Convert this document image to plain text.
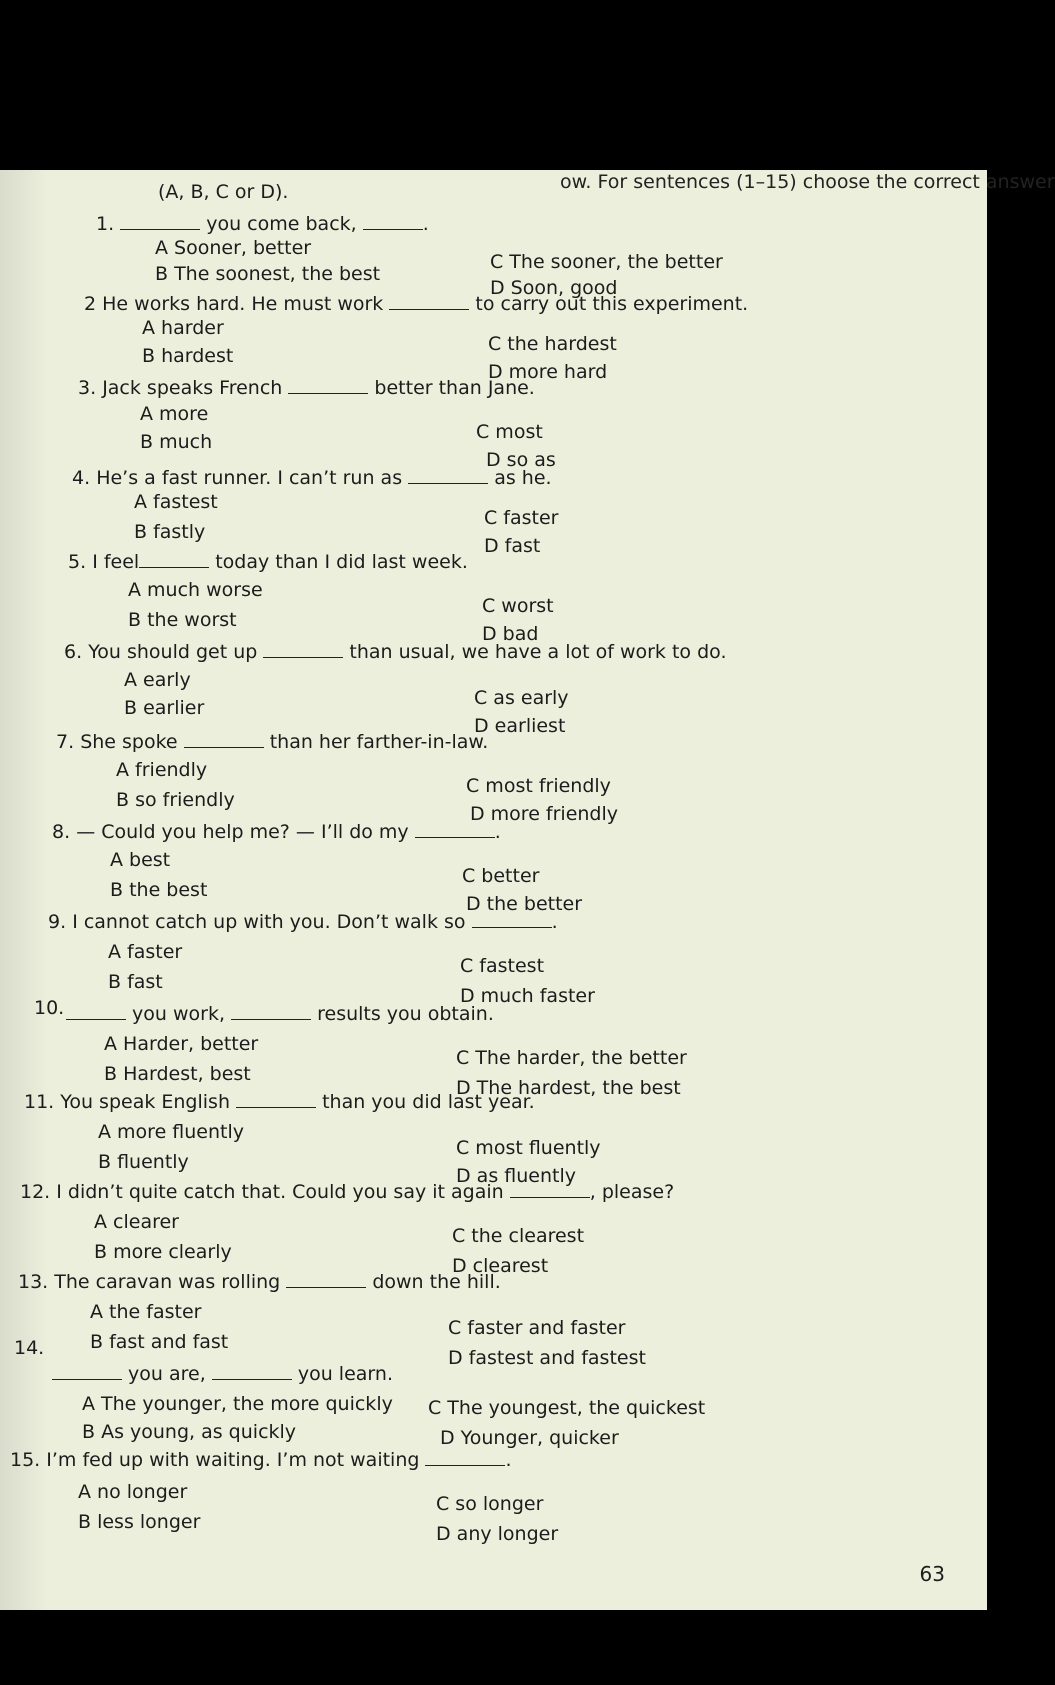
ow. For sentences (1–15) choose the correct answer
(A, B, C or D).
1.	you come back,	.
A Sooner, better
B The soonest, the best
C The sooner, the better
D Soon, good
2 He works hard. He must work	to carry out this experiment.
A harder
B hardest
C the hardest
D more hard
3. Jack speaks French	better than Jane.
A more
B much	C most
D so as
4. He’s a fast runner. I can’t run as	as he.
A fastest
B fastly
C faster
D fast
5. I feel	today than I did last week.
A much worse
B the worst
C worst
D bad
6. You should get up	than usual, we have a lot of work to do.
A early
B earlier	C as early
D earliest
7. She spoke	than her farther-in-law.
A friendly
B so friendly
C most friendly
D more friendly
8. — Could you help me? — I’ll do my	.
A best
B the best
C better
D the better
9. I cannot catch up with you. Don’t walk so	.
A faster
B fast
C fastest
D much faster
10.	you work,	results you obtain.
A Harder, better
B Hardest, best
C The harder, the better
D The hardest, the best
11. You speak English	than you did last year.
A more fluently
B fluently
C most fluently
D as fluently
12. I didn’t quite catch that. Could you say it again	, please?
A clearer
B more clearly
C the clearest
D clearest
13. The caravan was rolling	down the hill.
A the faster
B fast and fast
C faster and faster
D fastest and fastest
14.
you are,	you learn.
A The younger, the more quickly
B As young, as quickly
C The youngest, the quickest
D Younger, quicker
15. I’m fed up with waiting. I’m not waiting	.
A no longer
B less longer
C so longer
D any longer
63
